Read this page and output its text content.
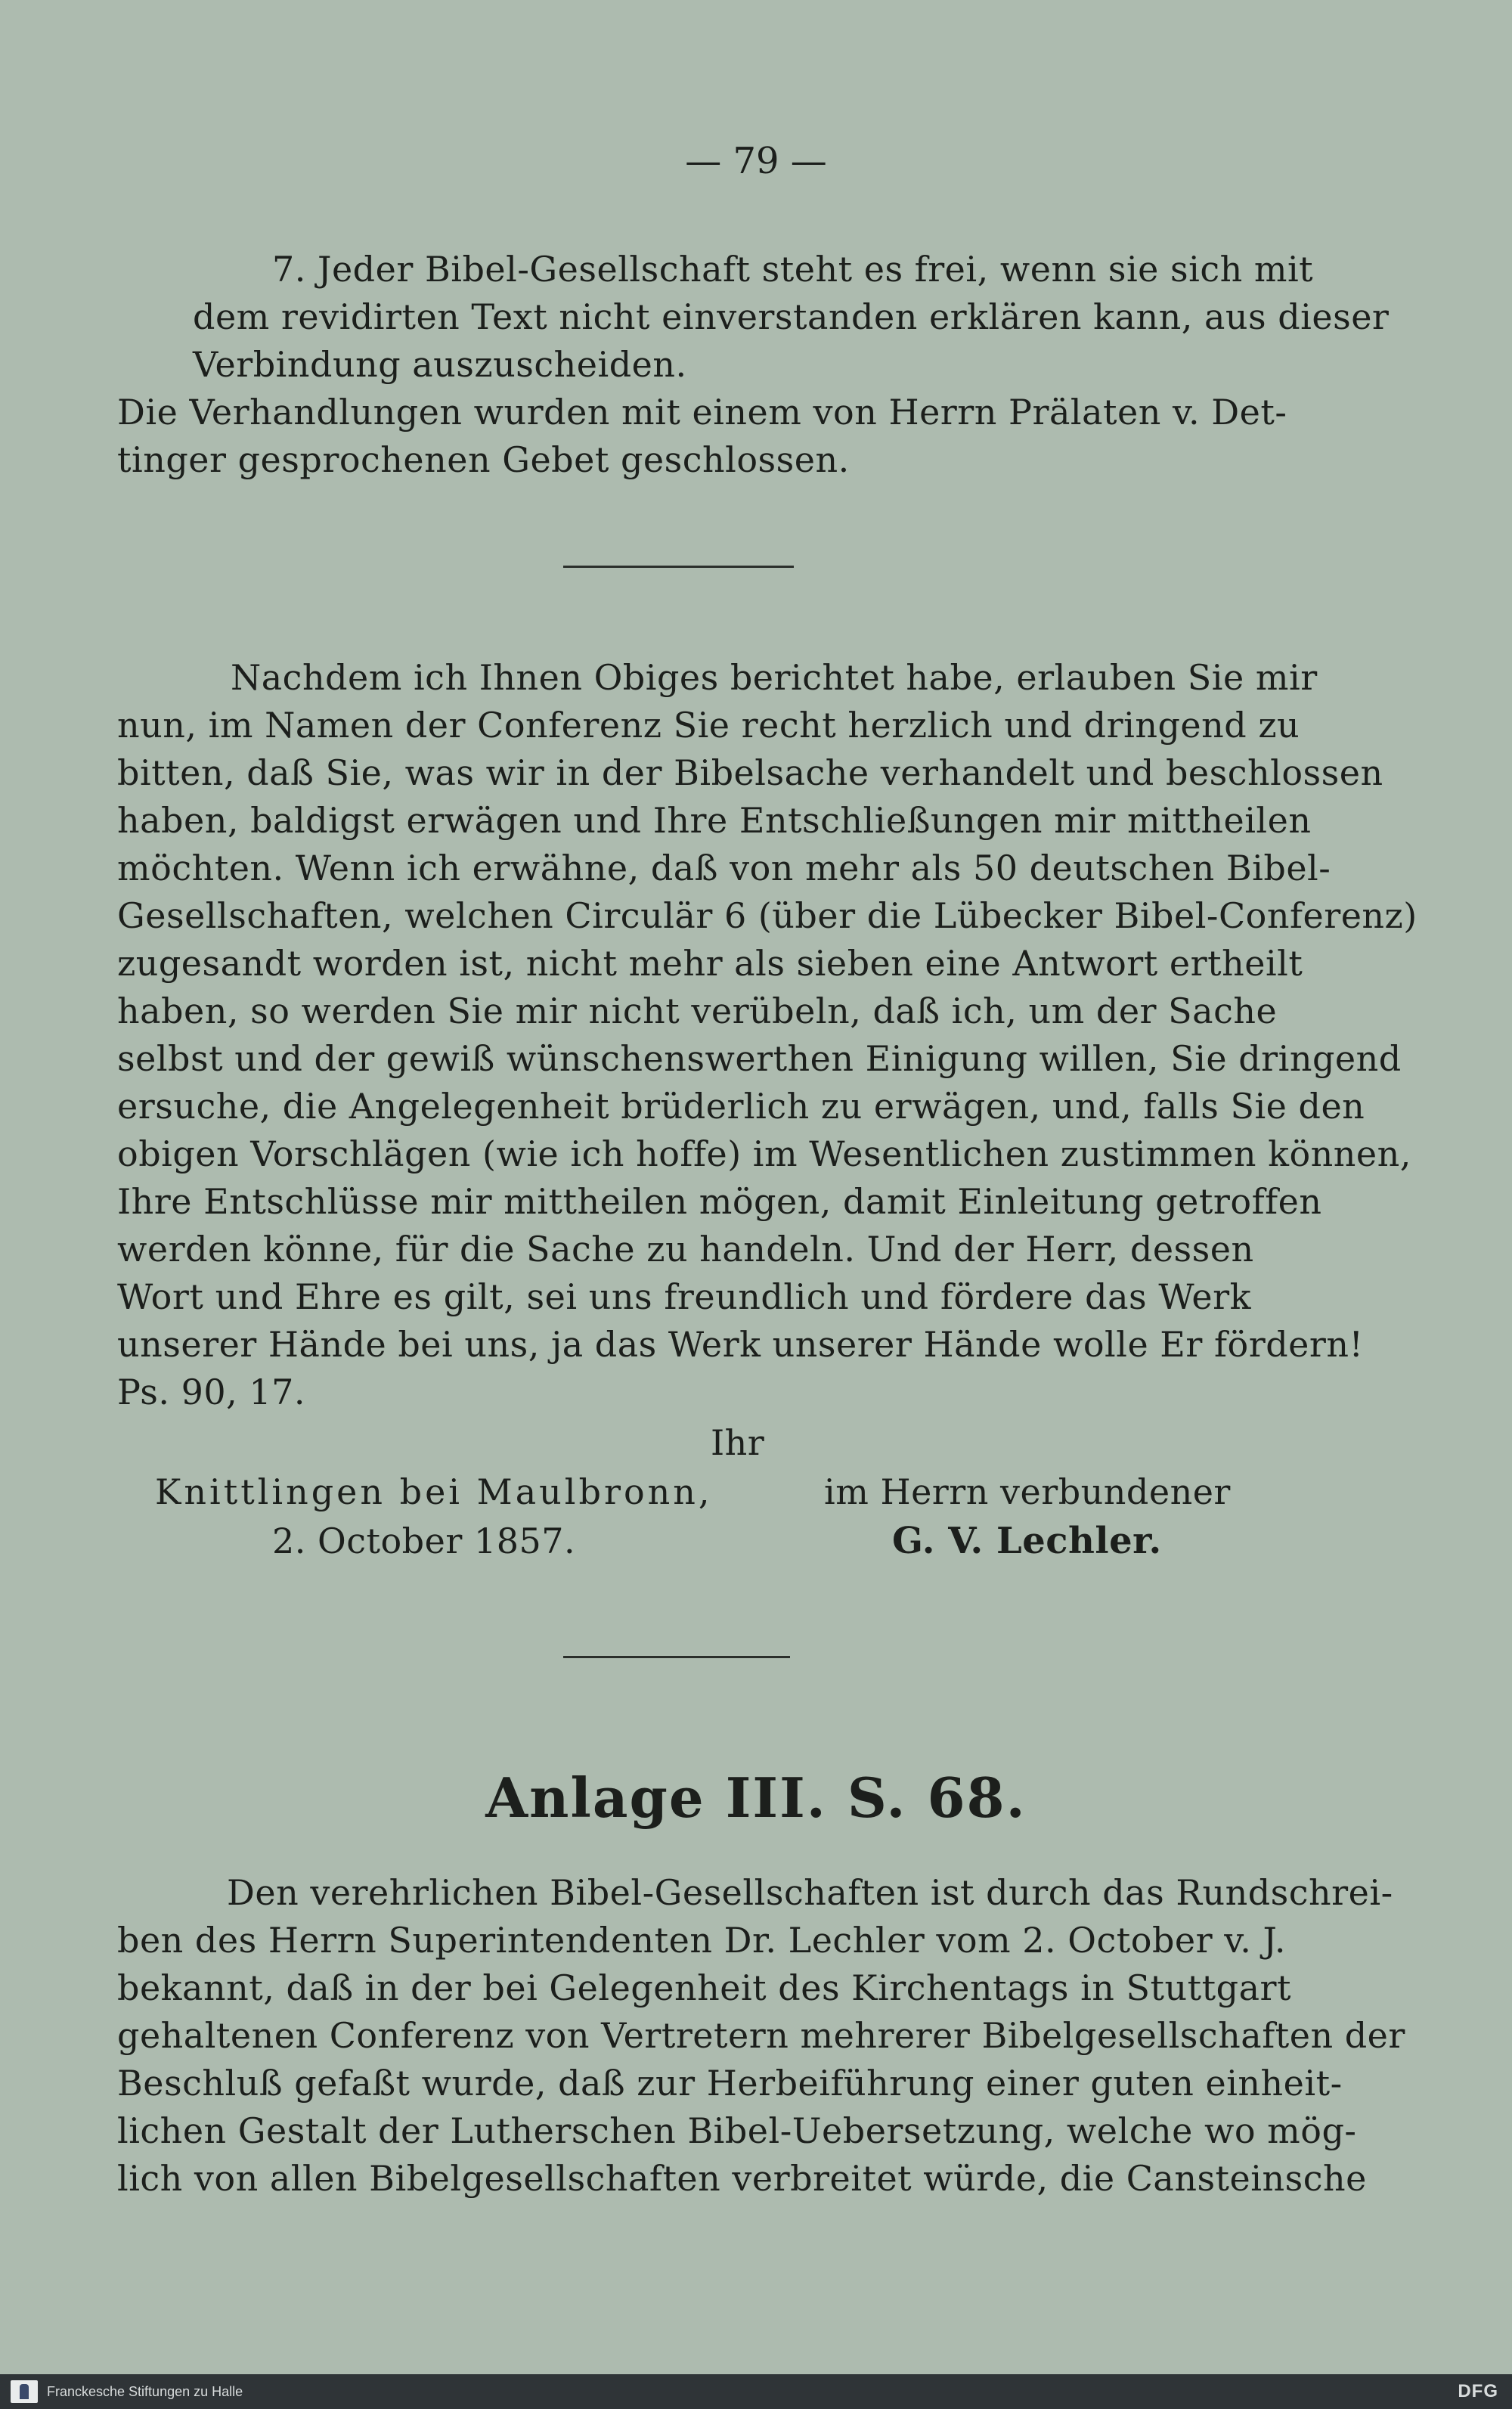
— 79 —
7. Jeder Bibel-Gesellschaft steht es frei, wenn sie sich mit
dem revidirten Text nicht einverstanden erklären kann, aus dieser
Verbindung auszuscheiden.
Die Verhandlungen wurden mit einem von Herrn Prälaten v. Det-
tinger gesprochenen Gebet geschlossen.
Nachdem ich Ihnen Obiges berichtet habe, erlauben Sie mir
nun, im Namen der Conferenz Sie recht herzlich und dringend zu
bitten, daß Sie, was wir in der Bibelsache verhandelt und beschlossen
haben, baldigst erwägen und Ihre Entschließungen mir mittheilen
möchten. Wenn ich erwähne, daß von mehr als 50 deutschen Bibel-
Gesellschaften, welchen Circulär 6 (über die Lübecker Bibel-Conferenz)
zugesandt worden ist, nicht mehr als sieben eine Antwort ertheilt
haben, so werden Sie mir nicht verübeln, daß ich, um der Sache
selbst und der gewiß wünschenswerthen Einigung willen, Sie dringend
ersuche, die Angelegenheit brüderlich zu erwägen, und, falls Sie den
obigen Vorschlägen (wie ich hoffe) im Wesentlichen zustimmen können,
Ihre Entschlüsse mir mittheilen mögen, damit Einleitung getroffen
werden könne, für die Sache zu handeln. Und der Herr, dessen
Wort und Ehre es gilt, sei uns freundlich und fördere das Werk
unserer Hände bei uns, ja das Werk unserer Hände wolle Er fördern!
Ps. 90, 17.
Ihr
Knittlingen bei Maulbronn,	im Herrn verbundener
2. October 1857.	G. V. Lechler.
Anlage III. S. 68.
Den verehrlichen Bibel-Gesellschaften ist durch das Rundschrei-
ben des Herrn Superintendenten Dr. Lechler vom 2. October v. J.
bekannt, daß in der bei Gelegenheit des Kirchentags in Stuttgart
gehaltenen Conferenz von Vertretern mehrerer Bibelgesellschaften der
Beschluß gefaßt wurde, daß zur Herbeiführung einer guten einheit-
lichen Gestalt der Lutherschen Bibel-Uebersetzung, welche wo mög-
lich von allen Bibelgesellschaften verbreitet würde, die Cansteinsche
Franckesche Stiftungen zu Halle	DFG
